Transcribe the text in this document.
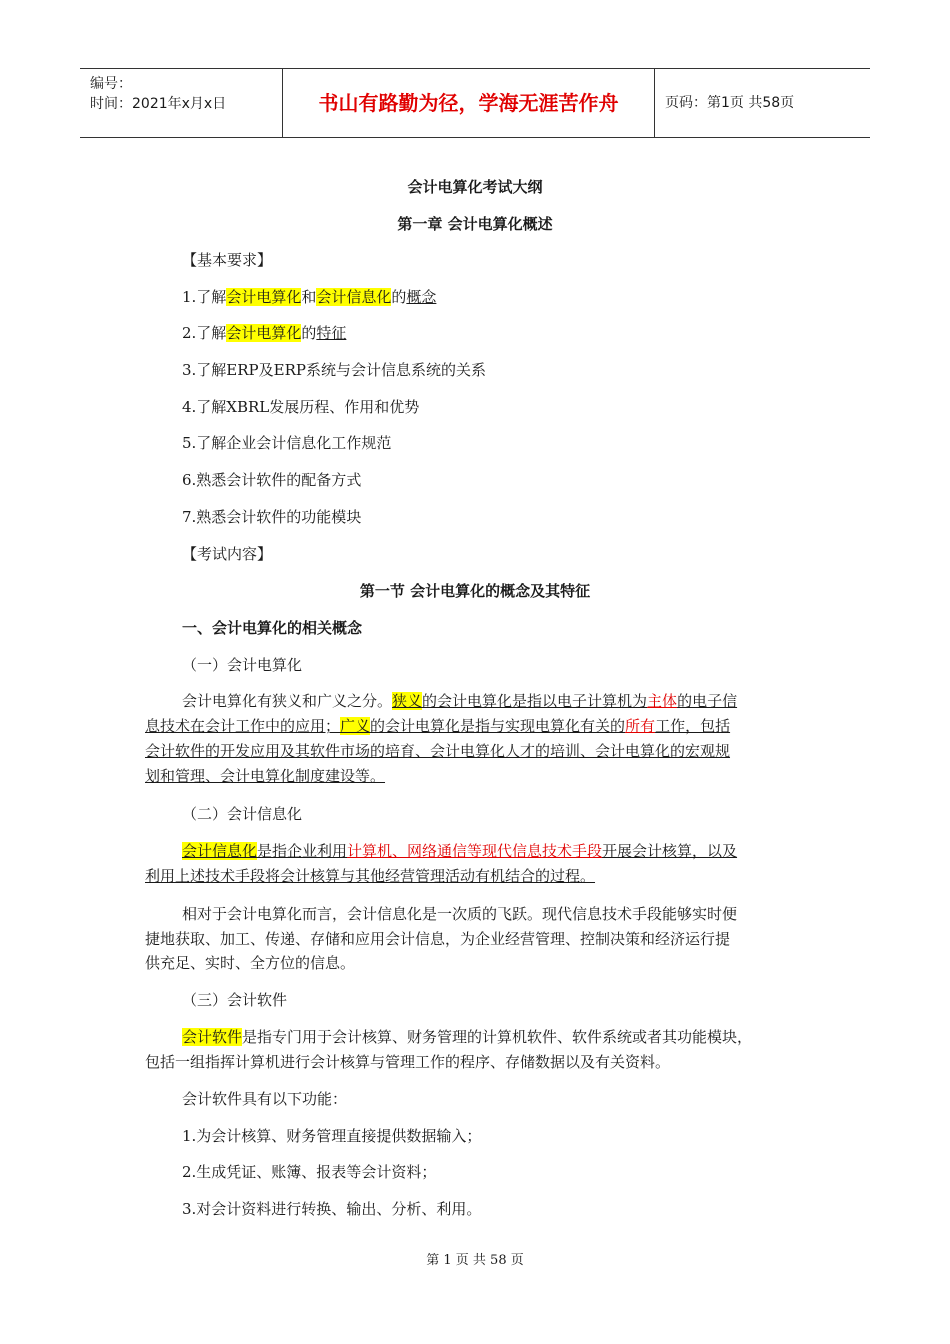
编号：
时间：2021年x月x日	书山有路勤为径，学海无涯苦作舟	页码：第1页 共58页
会计电算化考试大纲
第一章 会计电算化概述
【基本要求】
1.了解会计电算化和会计信息化的概念
2.了解会计电算化的特征
3.了解ERP及ERP系统与会计信息系统的关系
4.了解XBRL发展历程、作用和优势
5.了解企业会计信息化工作规范
6.熟悉会计软件的配备方式
7.熟悉会计软件的功能模块
【考试内容】
第一节 会计电算化的概念及其特征
一、会计电算化的相关概念
（一）会计电算化
会计电算化有狭义和广义之分。狭义的会计电算化是指以电子计算机为主体的电子信
息技术在会计工作中的应用；广义的会计电算化是指与实现电算化有关的所有工作，包括
会计软件的开发应用及其软件市场的培育、会计电算化人才的培训、会计电算化的宏观规
划和管理、会计电算化制度建设等。
（二）会计信息化
会计信息化是指企业利用计算机、网络通信等现代信息技术手段开展会计核算，以及
利用上述技术手段将会计核算与其他经营管理活动有机结合的过程。
相对于会计电算化而言，会计信息化是一次质的飞跃。现代信息技术手段能够实时便
捷地获取、加工、传递、存储和应用会计信息，为企业经营管理、控制决策和经济运行提
供充足、实时、全方位的信息。
（三）会计软件
会计软件是指专门用于会计核算、财务管理的计算机软件、软件系统或者其功能模块，
包括一组指挥计算机进行会计核算与管理工作的程序、存储数据以及有关资料。
会计软件具有以下功能：
1.为会计核算、财务管理直接提供数据输入；
2.生成凭证、账簿、报表等会计资料；
3.对会计资料进行转换、输出、分析、利用。
第 1 页 共 58 页
